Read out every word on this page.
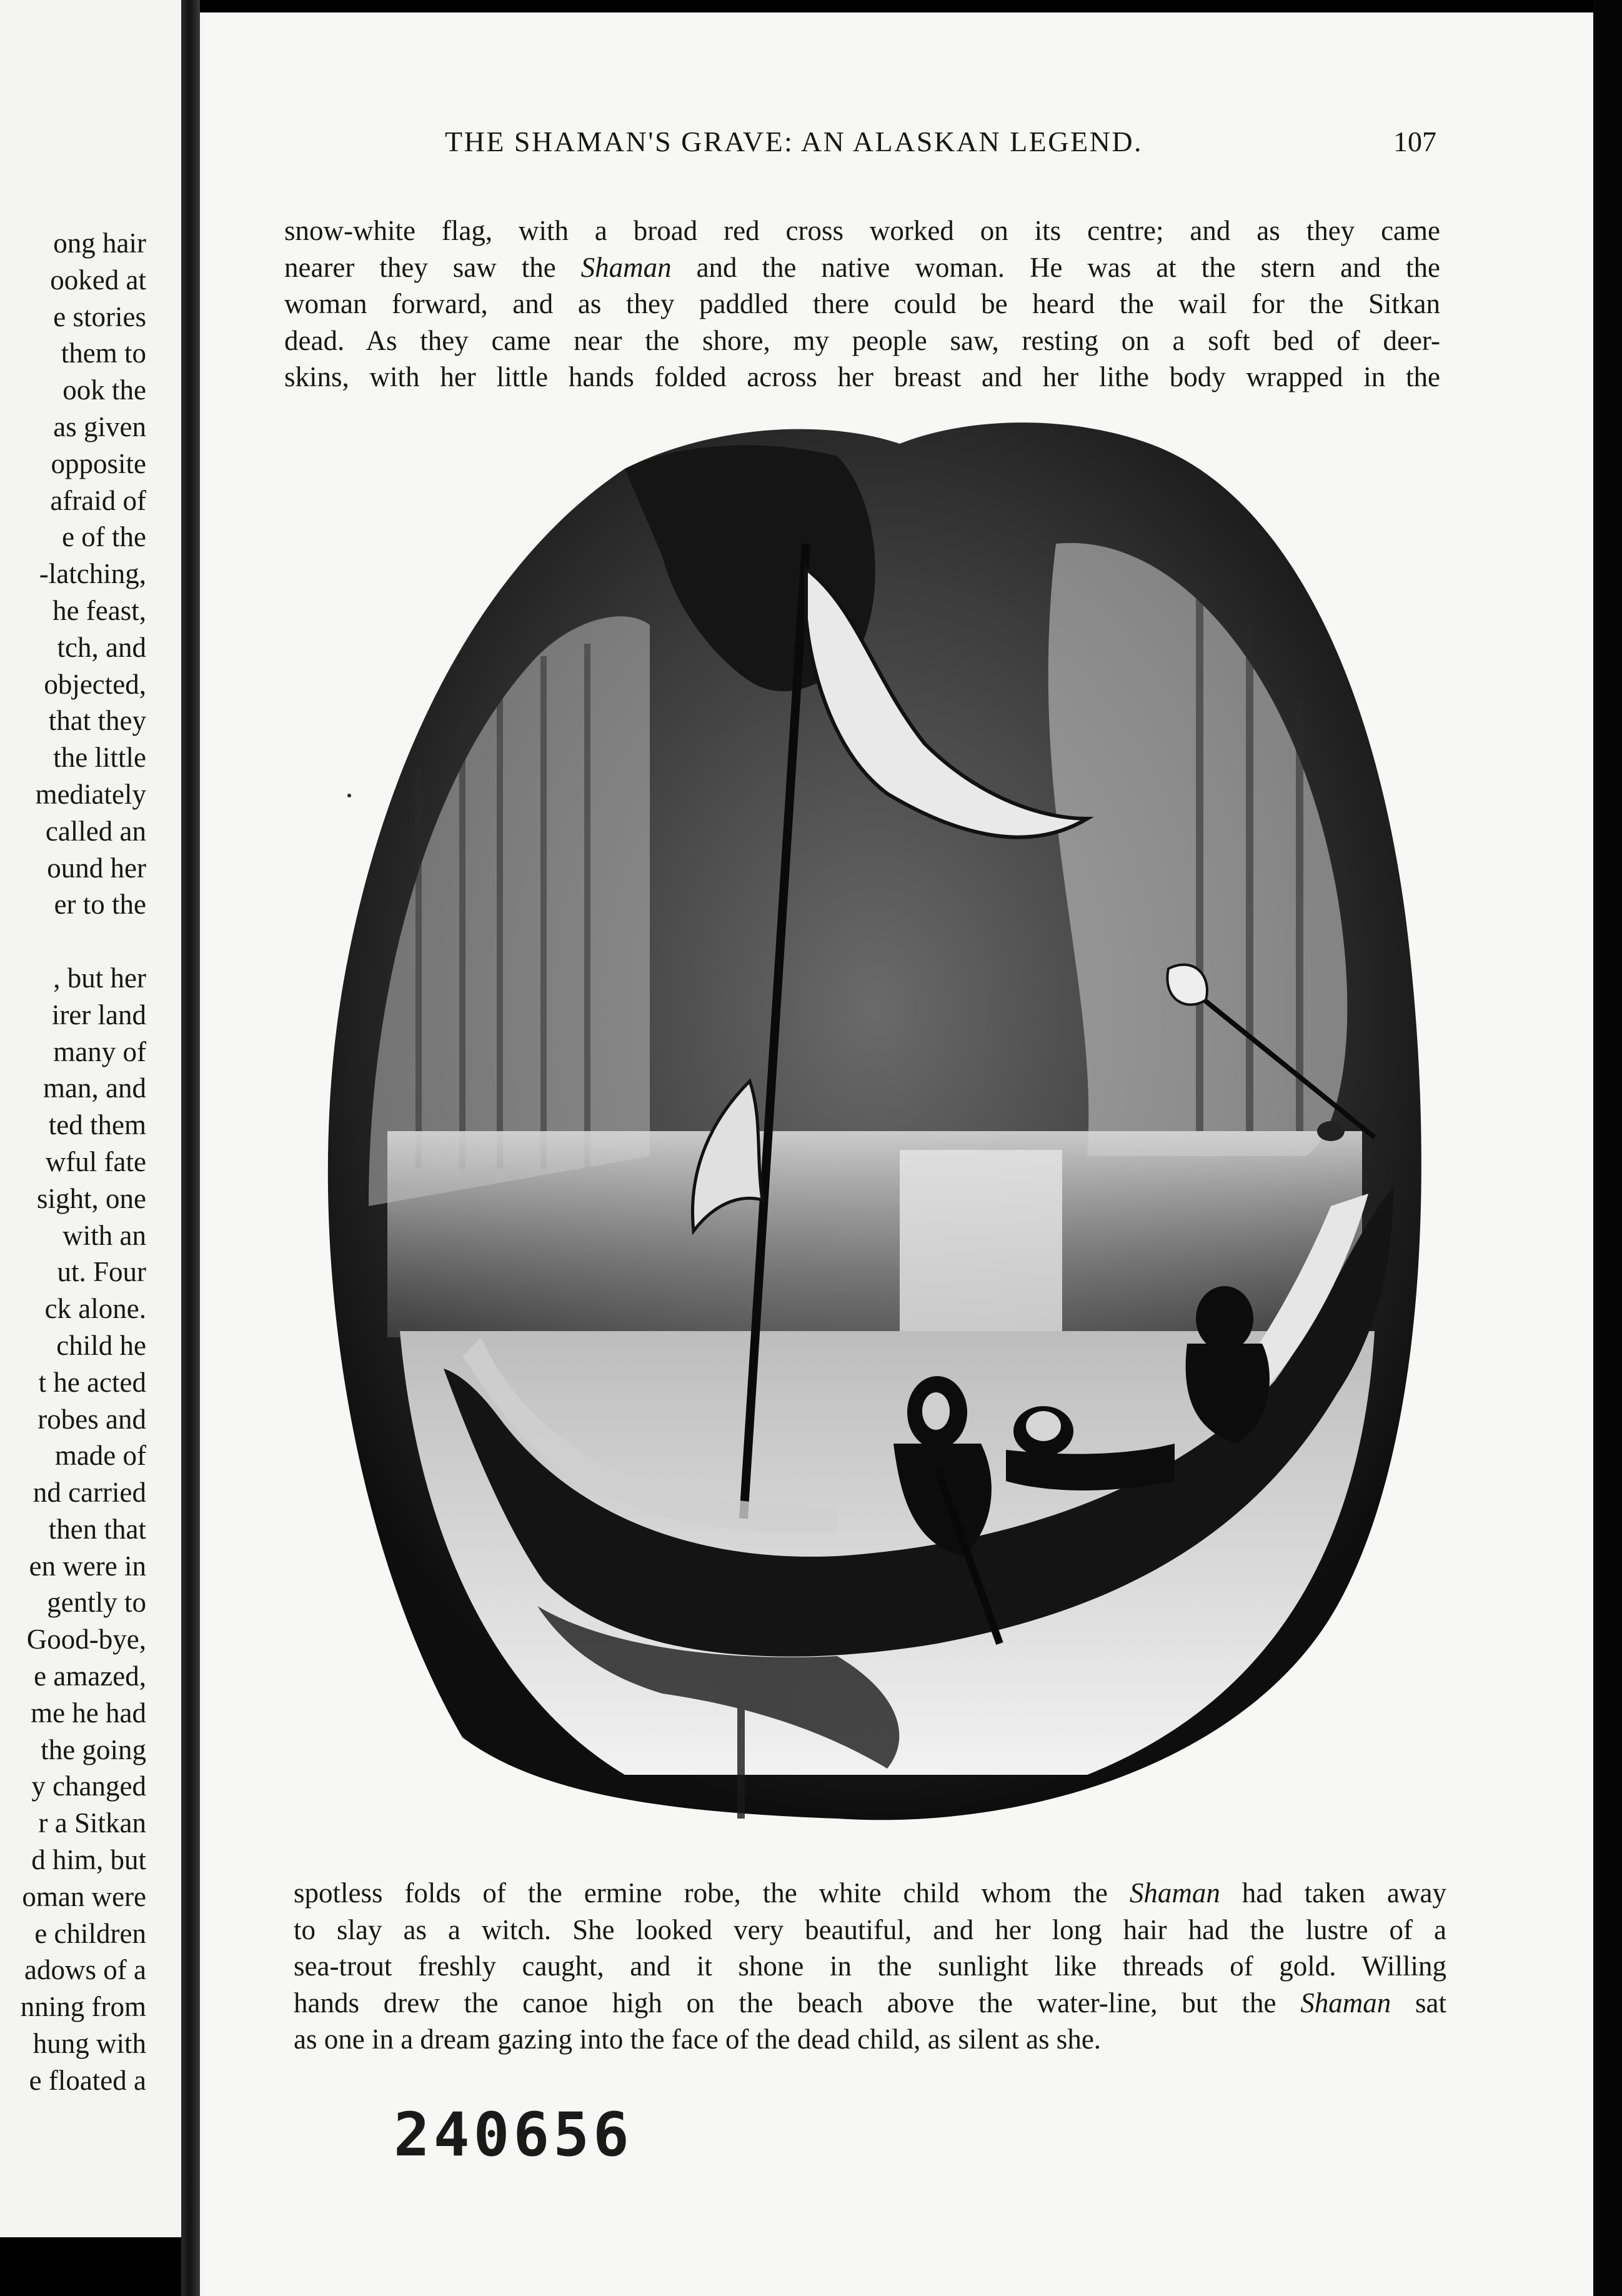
ong hair
ooked at
e stories
them to
ook the
as given
opposite
afraid of
e of the
-latching,
he feast,
tch, and
objected,
that they
the little
mediately
called an
ound her
er to the
, but her
irer land
many of
man, and
ted them
wful fate
sight, one
with an
ut. Four
ck alone.
child he
t he acted
robes and
made of
nd carried
then that
en were in
gently to
Good-bye,
e amazed,
me he had
the going
y changed
r a Sitkan
d him, but
oman were
e children
adows of a
nning from
hung with
e floated a
THE SHAMAN'S GRAVE: AN ALASKAN LEGEND.	107
snow-white flag, with a broad red cross worked on its centre; and as they came
nearer they saw the Shaman and the native woman. He was at the stern and the
woman forward, and as they paddled there could be heard the wail for the Sitkan
dead. As they came near the shore, my people saw, resting on a soft bed of deer-
skins, with her little hands folded across her breast and her lithe body wrapped in the
spotless folds of the ermine robe, the white child whom the Shaman had taken away
to slay as a witch. She looked very beautiful, and her long hair had the lustre of a
sea-trout freshly caught, and it shone in the sunlight like threads of gold. Willing
hands drew the canoe high on the beach above the water-line, but the Shaman sat
as one in a dream gazing into the face of the dead child, as silent as she.
240656
